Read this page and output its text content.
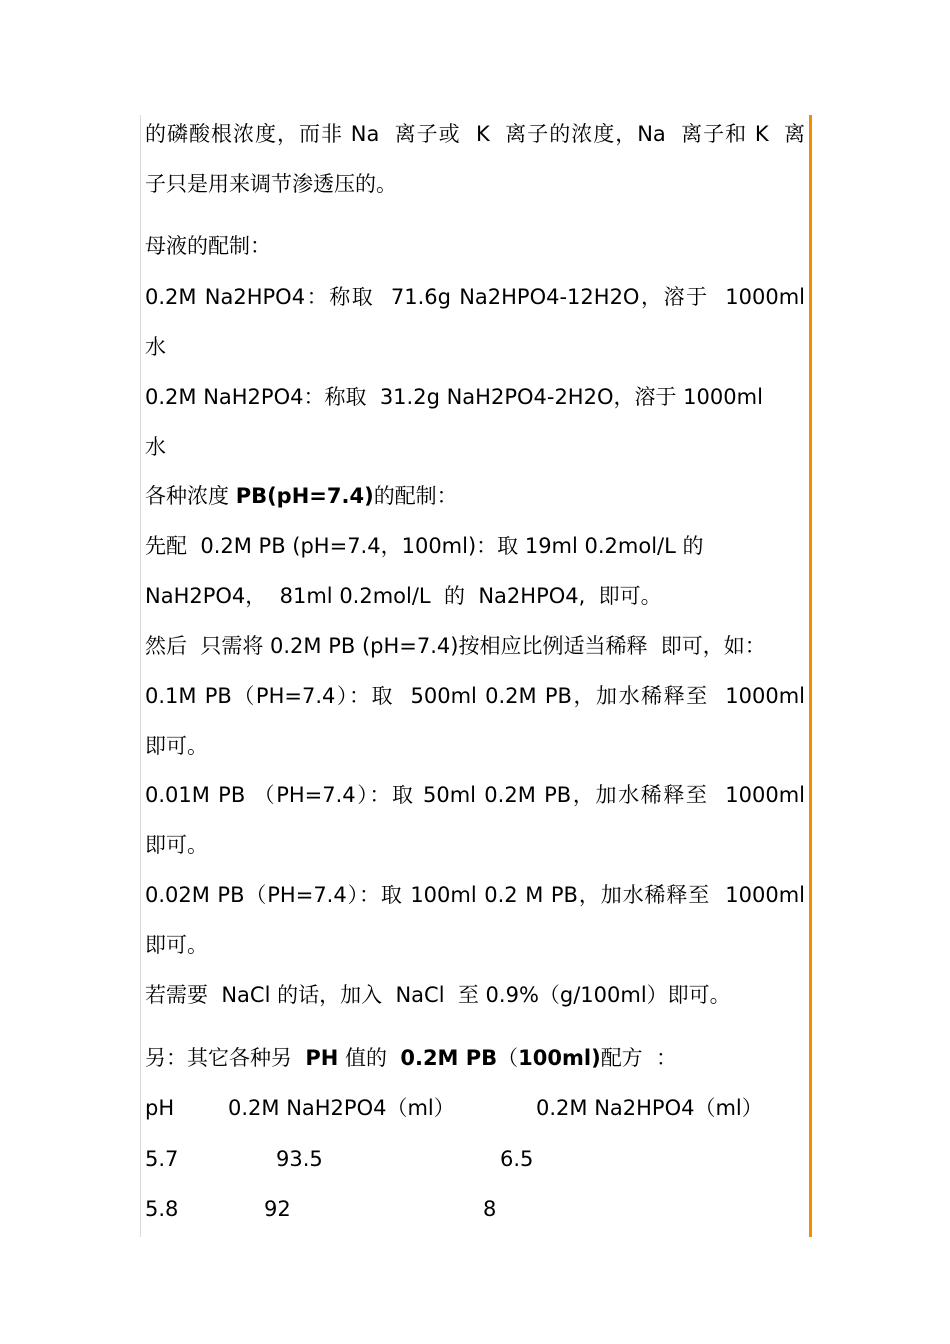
的磷酸根浓度，而非 Na  离子或  K  离子的浓度，Na  离子和 K  离
子只是用来调节渗透压的。
母液的配制：
0.2M Na2HPO4：称取  71.6g Na2HPO4-12H2O，溶于  1000ml
水
0.2M NaH2PO4：称取  31.2g NaH2PO4-2H2O，溶于 1000ml
水
各种浓度 PB(pH=7.4)的配制：
先配  0.2M PB (pH=7.4，100ml)：取 19ml 0.2mol/L 的
NaH2PO4，  81ml 0.2mol/L  的  Na2HPO4,  即可。
然后  只需将 0.2M PB (pH=7.4)按相应比例适当稀释  即可，如：
0.1M PB（PH=7.4）：取  500ml 0.2M PB，加水稀释至  1000ml
即可。
0.01M PB （PH=7.4）：取 50ml 0.2M PB，加水稀释至  1000ml
即可。
0.02M PB（PH=7.4）：取 100ml 0.2 M PB，加水稀释至  1000ml
即可。
若需要  NaCl 的话，加入  NaCl  至 0.9%（g/100ml）即可。
另：其它各种另  PH 值的  0.2M PB（100ml)配方  ：
pH	0.2M NaH2PO4（ml）	0.2M Na2HPO4（ml）
5.7	93.5	6.5
5.8	92	8
